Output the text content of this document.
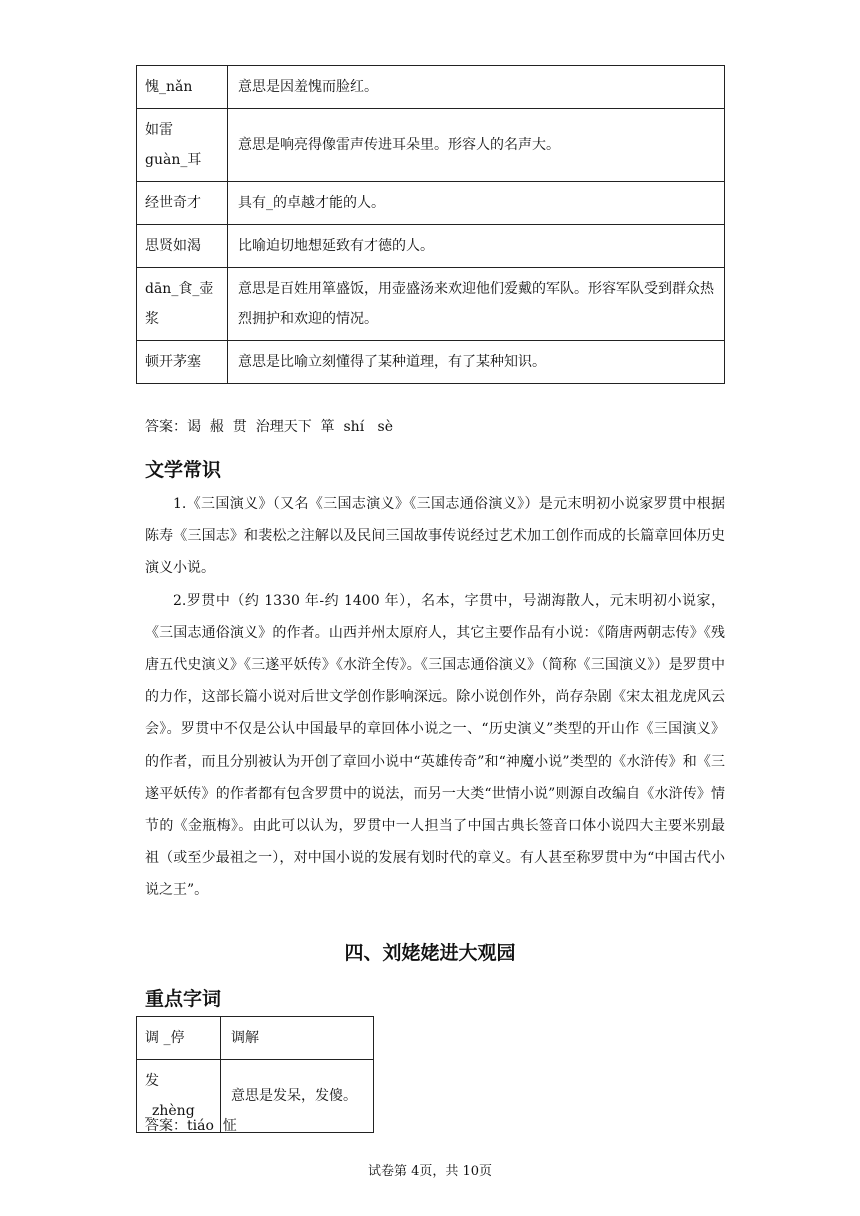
愧_nǎn	意思是因羞愧而脸红。
如雷 guàn_耳	意思是响亮得像雷声传进耳朵里。形容人的名声大。
经世奇才	具有_的卓越才能的人。
思贤如渴	比喻迫切地想延致有才德的人。
dān_食_壶浆	意思是百姓用箪盛饭，用壶盛汤来欢迎他们爱戴的军队。形容军队受到群众热烈拥护和欢迎的情况。
顿开茅塞	意思是比喻立刻懂得了某种道理，有了某种知识。
答案：谒  赧  贯  治理天下  箪  shí   sè
文学常识

1.《三国演义》（又名《三国志演义》《三国志通俗演义》）是元末明初小说家罗贯中根据陈寿《三国志》和裴松之注解以及民间三国故事传说经过艺术加工创作而成的长篇章回体历史演义小说。

2.罗贯中（约 1330 年-约 1400 年），名本，字贯中，号湖海散人，元末明初小说家，《三国志通俗演义》的作者。山西并州太原府人，其它主要作品有小说：《隋唐两朝志传》《残唐五代史演义》《三遂平妖传》《水浒全传》。《三国志通俗演义》（简称《三国演义》）是罗贯中的力作，这部长篇小说对后世文学创作影响深远。除小说创作外，尚存杂剧《宋太祖龙虎风云会》。罗贯中不仅是公认中国最早的章回体小说之一、“历史演义”类型的开山作《三国演义》的作者，而且分别被认为开创了章回小说中“英雄传奇”和“神魔小说”类型的《水浒传》和《三遂平妖传》的作者都有包含罗贯中的说法，而另一大类“世情小说”则源自改编自《水浒传》情节的《金瓶梅》。由此可以认为，罗贯中一人担当了中国古典长签音口体小说四大主要米别最祖（或至少最祖之一），对中国小说的发展有划时代的章义。有人甚至称罗贯中为“中国古代小说之王”。

四、刘姥姥进大观园
重点字词
调 _停	调解
发 _zhèng	意思是发呆，发傻。
答案：tiáo  怔
试卷第 4页，共 10页
